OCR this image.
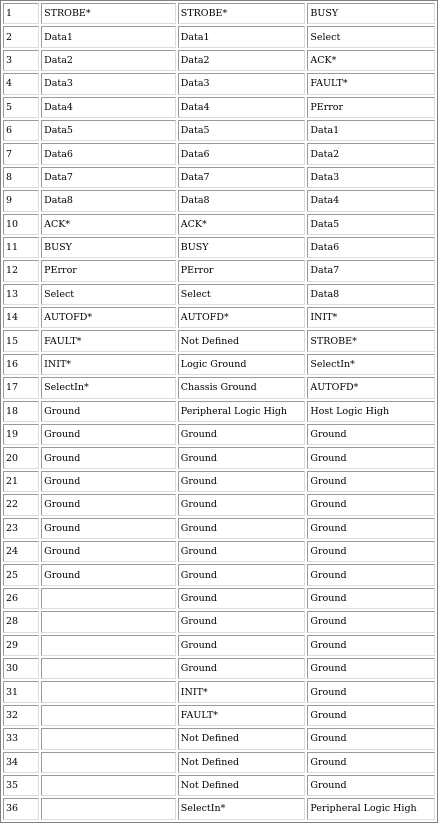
1	STROBE*	STROBE*	BUSY
2	Data1	Data1	Select
3	Data2	Data2	ACK*
4	Data3	Data3	FAULT*
5	Data4	Data4	PError
6	Data5	Data5	Data1
7	Data6	Data6	Data2
8	Data7	Data7	Data3
9	Data8	Data8	Data4
10	ACK*	ACK*	Data5
11	BUSY	BUSY	Data6
12	PError	PError	Data7
13	Select	Select	Data8
14	AUTOFD*	AUTOFD*	INIT*
15	FAULT*	Not Defined	STROBE*
16	INIT*	Logic Ground	SelectIn*
17	SelectIn*	Chassis Ground	AUTOFD*
18	Ground	Peripheral Logic High	Host Logic High
19	Ground	Ground	Ground
20	Ground	Ground	Ground
21	Ground	Ground	Ground
22	Ground	Ground	Ground
23	Ground	Ground	Ground
24	Ground	Ground	Ground
25	Ground	Ground	Ground
26		Ground	Ground
28		Ground	Ground
29		Ground	Ground
30		Ground	Ground
31		INIT*	Ground
32		FAULT*	Ground
33		Not Defined	Ground
34		Not Defined	Ground
35		Not Defined	Ground
36		SelectIn*	Peripheral Logic High
